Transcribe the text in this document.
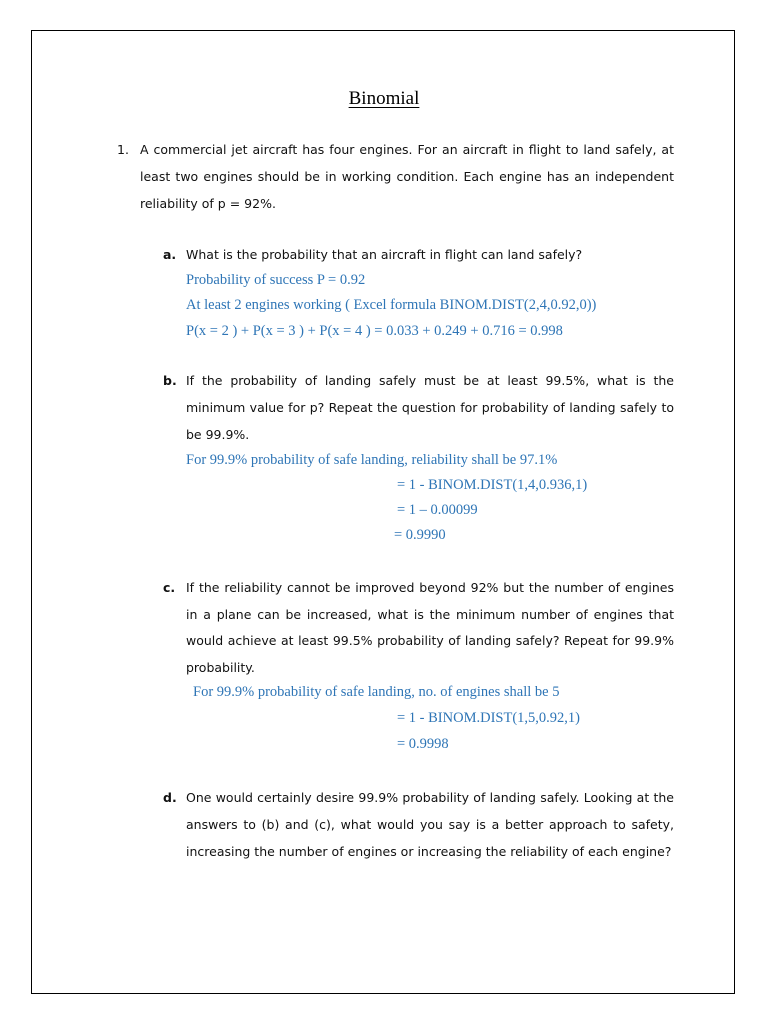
Binomial
1. A commercial jet aircraft has four engines. For an aircraft in flight to land safely, at
least two engines should be in working condition. Each engine has an independent
reliability of p = 92%.
a. What is the probability that an aircraft in flight can land safely?
Probability of success P = 0.92
At least 2 engines working ( Excel formula BINOM.DIST(2,4,0.92,0))
P(x = 2 ) + P(x = 3 ) + P(x = 4 ) = 0.033 + 0.249 + 0.716 = 0.998
b. If the probability of landing safely must be at least 99.5%, what is the
minimum value for p? Repeat the question for probability of landing safely to
be 99.9%.
For 99.9% probability of safe landing, reliability shall be 97.1%
= 1 - BINOM.DIST(1,4,0.936,1)
= 1 – 0.00099
= 0.9990
c. If the reliability cannot be improved beyond 92% but the number of engines
in a plane can be increased, what is the minimum number of engines that
would achieve at least 99.5% probability of landing safely? Repeat for 99.9%
probability.
For 99.9% probability of safe landing, no. of engines shall be 5
= 1 - BINOM.DIST(1,5,0.92,1)
= 0.9998
d. One would certainly desire 99.9% probability of landing safely. Looking at the
answers to (b) and (c), what would you say is a better approach to safety,
increasing the number of engines or increasing the reliability of each engine?
